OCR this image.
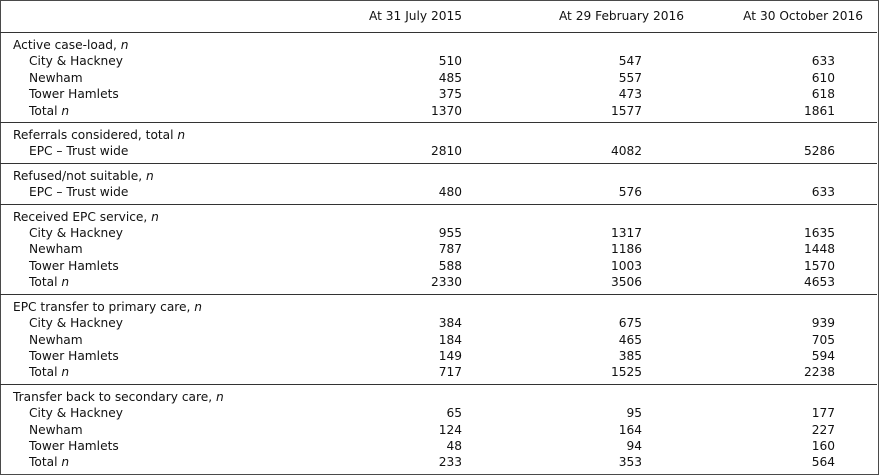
	At 31 July 2015	At 29 February 2016	At 30 October 2016
Active case-load, n			
City & Hackney	510	547	633
Newham	485	557	610
Tower Hamlets	375	473	618
Total n	1370	1577	1861
Referrals considered, total n			
EPC – Trust wide	2810	4082	5286
Refused/not suitable, n			
EPC – Trust wide	480	576	633
Received EPC service, n			
City & Hackney	955	1317	1635
Newham	787	1186	1448
Tower Hamlets	588	1003	1570
Total n	2330	3506	4653
EPC transfer to primary care, n			
City & Hackney	384	675	939
Newham	184	465	705
Tower Hamlets	149	385	594
Total n	717	1525	2238
Transfer back to secondary care, n			
City & Hackney	65	95	177
Newham	124	164	227
Tower Hamlets	48	94	160
Total n	233	353	564
